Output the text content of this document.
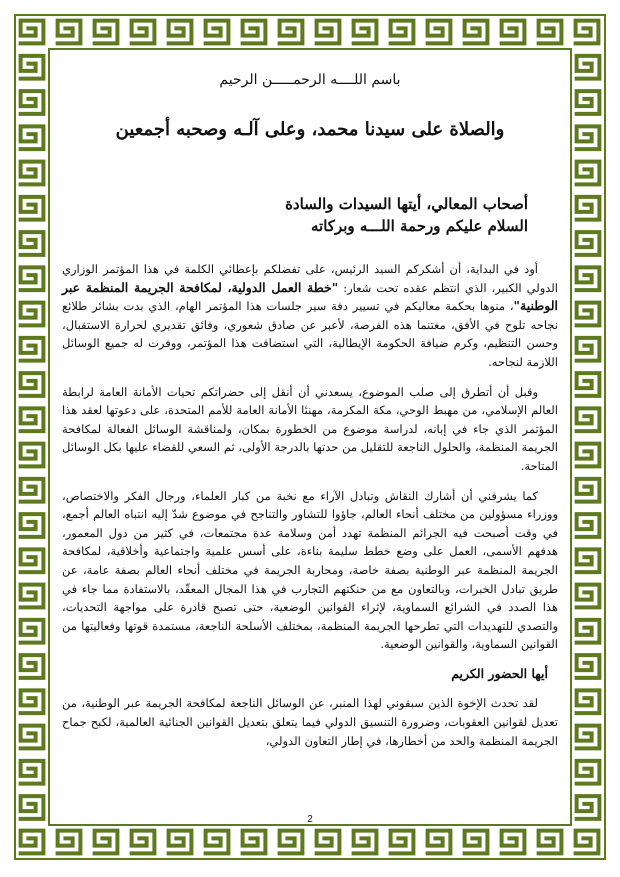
باسم اللــــه الرحمـــــن الرحيم
والصلاة على سيدنا محمد، وعلى آلـه وصحبه أجمعين
أصحاب المعالي، أيتها السيدات والسادة
السلام عليكم ورحمة اللـــه وبركاته

أود في البداية، أن أشكركم السيد الرئيس، على تفضلكم بإعطائي الكلمة في هذا المؤتمر الوزاري الدولي الكبير، الذي انتظم عقده تحت شعار: "خطة العمل الدولية، لمكافحة الجريمة المنظمة عبر الوطنية"، منوها بحكمة معاليكم في تسيير دفة سير جلسات هذا المؤتمر الهام، الذي بدت بشائر طلائع نجاحه تلوح في الأفق، مغتنما هذه الفرصة، لأعبر عن صادق شعوري، وفائق تقديري لحرارة الاستقبال، وحسن التنظيم، وكرم ضيافة الحكومة الإيطالية، التي استضافت هذا المؤتمر، ووفرت له جميع الوسائل اللازمة لنجاحه.

وقبل أن أتطرق إلى صلب الموضوع، يسعدني أن أنقل إلى حضراتكم تحيات الأمانة العامة لرابطة العالم الإسلامي، من مهبط الوحي، مكة المكرمة، مهنئا الأمانة العامة للأمم المتحدة، على دعوتها لعقد هذا المؤتمر الذي جاء في إبانه، لدراسة موضوع من الخطورة بمكان، ولمناقشة الوسائل الفعالة لمكافحة الجريمة المنظمة، والحلول الناجعة للتقليل من حدتها بالدرجة الأولى، ثم السعي للقضاء عليها بكل الوسائل المتاحة.

كما يشرفني أن أشارك النقاش وتبادل الآراء مع نخبة من كبار العلماء، ورجال الفكر والاختصاص، ووزراء مسؤولين من مختلف أنحاء العالم، جاؤوا للتشاور والتناجح في موضوع شدّ إليه انتباه العالم أجمع، في وقت أصبحت فيه الجرائم المنظمة تهدد أمن وسلامة عدة مجتمعات، في كثير من دول المعمور، هدفهم الأسمى، العمل على وضع خطط سليمة بناءة، على أسس علمية واجتماعية وأخلاقية، لمكافحة الجريمة المنظمة عبر الوطنية بصفة خاصة، ومحاربة الجريمة في مختلف أنحاء العالم بصفة عامة، عن طريق تبادل الخبرات، وبالتعاون مع من حنكتهم التجارب في هذا المجال المعقّد، بالاستفادة مما جاء في هذا الصدد في الشرائع السماوية، لإثراء القوانين الوضعية، حتى تصبح قادرة على مواجهة التحديات، والتصدي للتهديدات التي تطرحها الجريمة المنظمة، بمختلف الأسلحة الناجعة، مستمدة قوتها وفعاليتها من القوانين السماوية، والقوانين الوضعية.

أيها الحضور الكريم

لقد تحدث الإخوة الذين سبقوني لهذا المنبر، عن الوسائل الناجعة لمكافحة الجريمة عبر الوطنية، من تعديل لقوانين العقوبات، وضرورة التنسيق الدولي فيما يتعلق بتعديل القوانين الجنائية العالمية، لكبح جماح الجريمة المنظمة والحد من أخطارها، في إطار التعاون الدولي،

2
